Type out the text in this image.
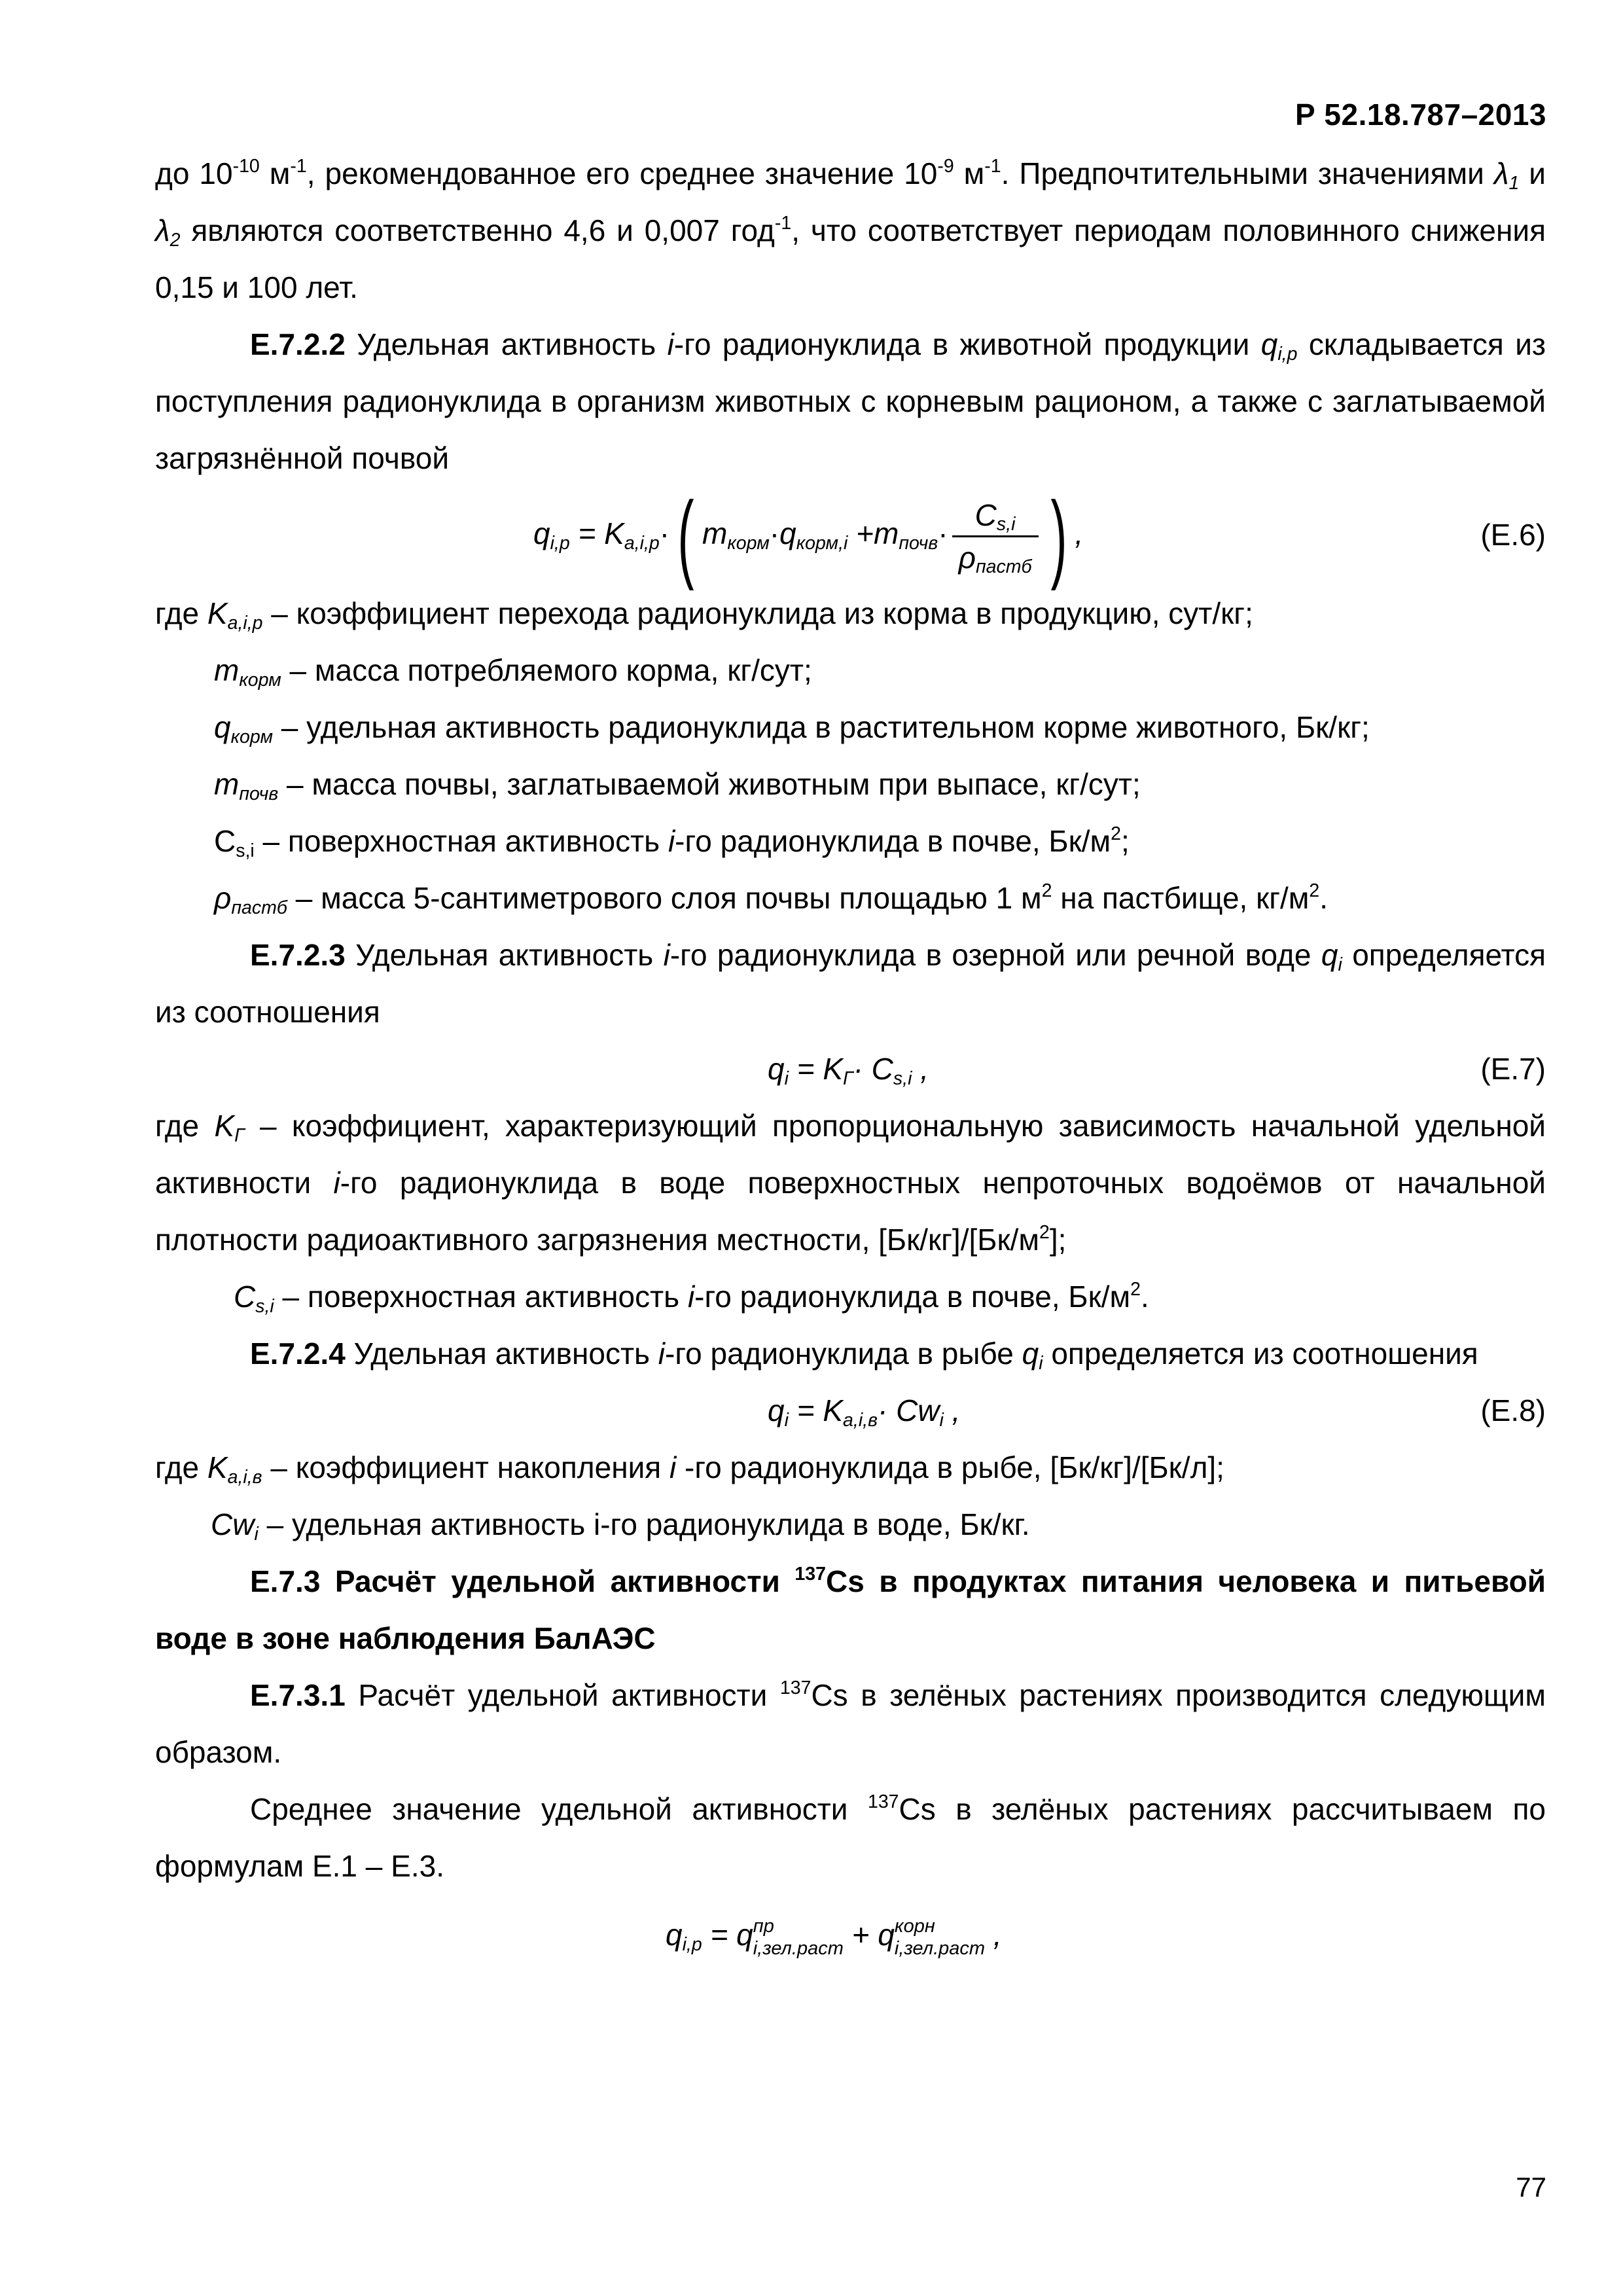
Р 52.18.787–2013

до $10^{-10}$ $м^{-1}$, рекомендованное его среднее значение $10^{-9}$ $м^{-1}$. Предпочтительными значениями $\lambda_1$ и $\lambda_2$ являются соответственно 4,6 и 0,007 год$^{-1}$, что соответствует периодам половинного снижения 0,15 и 100 лет.

Е.7.2.2 Удельная активность i-го радионуклида в животной продукции $q_{i,p}$ складывается из поступления радионуклида в организм животных с корневым рационом, а также с заглатываемой загрязнённой почвой

$q_{i,p} = K_{a,i,p}\cdot$( $m_{корм}\cdot q_{корм,i} +m_{почв}\cdot \frac{C_{s,i}}{\rho_{пастб}}$ ) ,	(Е.6)

где $K_{a,i,p}$ – коэффициент перехода радионуклида из корма в продукцию, сут/кг;

$m_{корм}$ – масса потребляемого корма, кг/сут;

$q_{корм}$ – удельная активность радионуклида в растительном корме животного, Бк/кг;

$m_{почв}$ – масса почвы, заглатываемой животным при выпасе, кг/сут;

$C_{s,i}$ – поверхностная активность i-го радионуклида в почве, $Бк/м^2$;

$\rho_{пастб}$ – масса 5-сантиметрового слоя почвы площадью 1 $м^2$ на пастбище, $кг/м^2$.

Е.7.2.3 Удельная активность i-го радионуклида в озерной или речной воде $q_i$ определяется из соотношения

$q_i = K_Г\cdot C_{s,i}$ ,	(Е.7)

где $K_Г$ – коэффициент, характеризующий пропорциональную зависимость начальной удельной активности i-го радионуклида в воде поверхностных непроточных водоёмов от начальной плотности радиоактивного загрязнения местности, $[Бк/кг]/[Бк/м^2]$;

$C_{s,i}$ – поверхностная активность i-го радионуклида в почве, $Бк/м^2$.

Е.7.2.4 Удельная активность i-го радионуклида в рыбе $q_i$ определяется из соотношения

$q_i = K_{a,i,в}\cdot Cw_i$ ,	(Е.8)

где $K_{a,i,в}$ – коэффициент накопления i -го радионуклида в рыбе, [Бк/кг]/[Бк/л];

$Cw_i$ – удельная активность i-го радионуклида в воде, Бк/кг.

Е.7.3 Расчёт удельной активности $^{137}$Cs в продуктах питания человека и питьевой воде в зоне наблюдения БалАЭС

Е.7.3.1 Расчёт удельной активности $^{137}$Cs в зелёных растениях производится следующим образом.

Среднее значение удельной активности $^{137}$Cs в зелёных растениях рассчитываем по формулам Е.1 – Е.3.

$q_{i,p} = q$ пр
i,зел.раст + q корн
i,зел.раст ,
77
